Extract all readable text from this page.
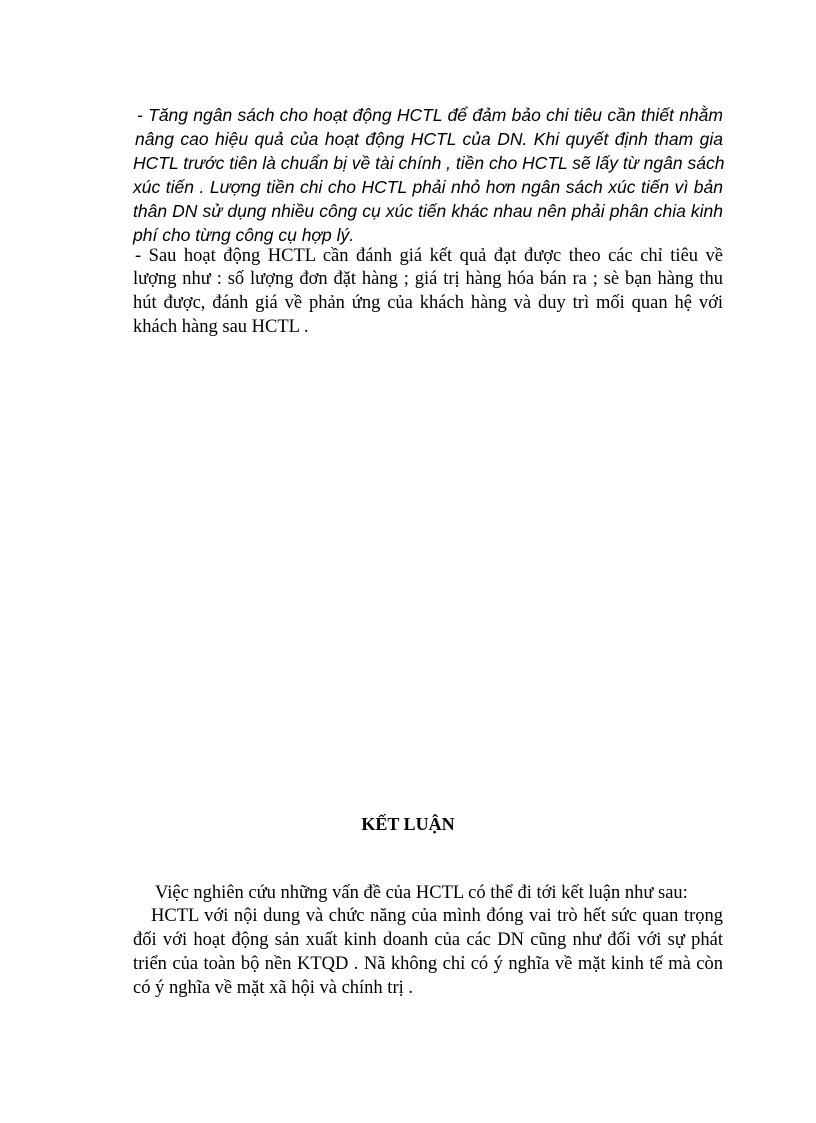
- Tăng ngân sách cho hoạt động HCTL để đảm bảo chi tiêu cần thiết nhằm
nâng cao hiệu quả của hoạt động HCTL của DN. Khi quyết định tham gia
HCTL trước tiên là chuẩn bị về tài chính , tiền cho HCTL sẽ lấy từ ngân sách
xúc tiến . Lượng tiền chi cho HCTL phải nhỏ hơn ngân sách xúc tiến vì bản
thân DN sử dụng nhiều công cụ xúc tiến khác nhau nên phải phân chia kinh
phí cho từng công cụ hợp lý.
- Sau hoạt động HCTL cần đánh giá kết quả đạt được theo các chỉ tiêu về
lượng như : số lượng đơn đặt hàng ; giá trị hàng hóa bán ra ; sè bạn hàng thu
hút được, đánh giá về phản ứng của khách hàng và duy trì mối quan hệ với
khách hàng sau HCTL .
KẾT LUẬN
Việc nghiên cứu những vấn đề của HCTL có thể đi tới kết luận như sau:
HCTL với nội dung và chức năng của mình đóng vai trò hết sức quan trọng
đối với hoạt động sản xuất kinh doanh của các DN cũng như đối với sự phát
triển của toàn bộ nền KTQD . Nã không chỉ có ý nghĩa về mặt kinh tế mà còn
có ý nghĩa về mặt xã hội và chính trị .
